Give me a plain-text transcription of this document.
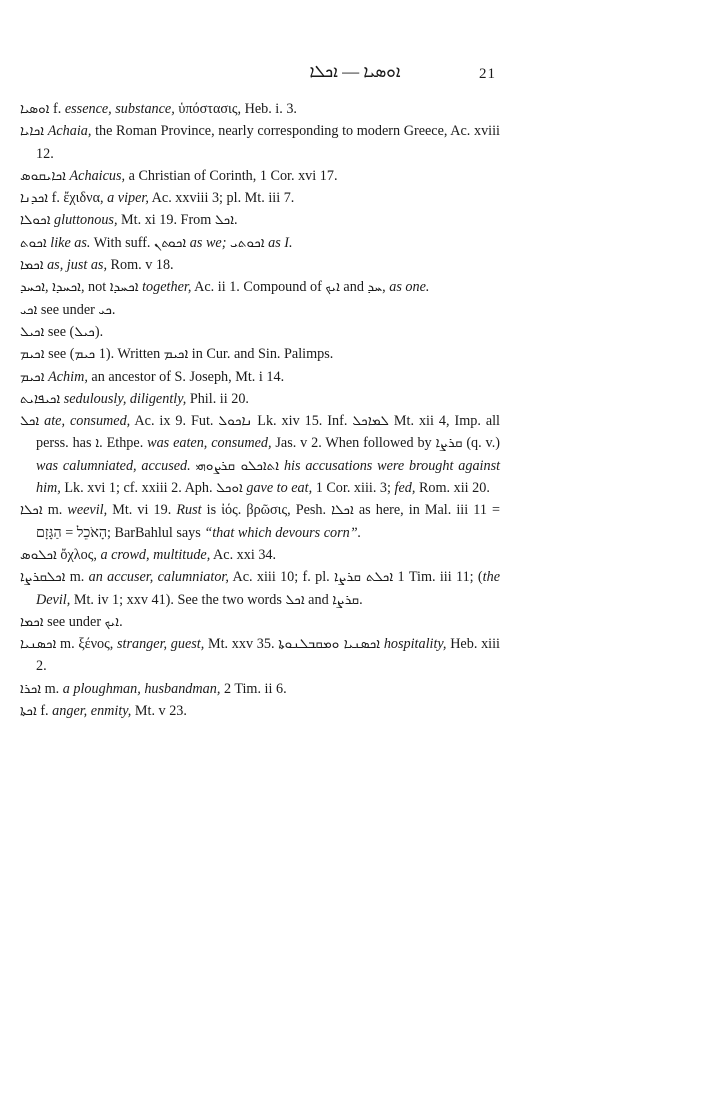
ܐܘܣܝܐ — ܐܟܠܐ	21

ܐܘܣܝܐ f. essence, substance, ὑπόστασις, Heb. i. 3.

ܐܟܐܝܐ Achaia, the Roman Province, nearly corresponding to modern Greece, Ac. xviii 12.

ܐܟܐܝܩܘܣ Achaicus, a Christian of Corinth, 1 Cor. xvi 17.

ܐܟܕܢܐ f. ἔχιδνα, a viper, Ac. xxviii 3; pl. Mt. iii 7.

ܐܟܘܠܐ gluttonous, Mt. xi 19. From ܐܟܠ.

ܐܟܘܬ like as. With suff. ܐܟܘܬܢ as we; ܐܟܘܬܝ as I.

ܐܟܡܐ as, just as, Rom. v 18.

ܐܟܚܕ, ܐܟܚܕܐ, not ܐܟܚܕܐ together, Ac. ii 1. Compound of ܐܝܟ and ܚܕ, as one.

ܐܟܝ see under ܟܝ.

ܐܟܝܠ see (ܟܝܠ).

ܐܟܝܡ see (ܟܝܡ 1). Written ܐܟܝܡ in Cur. and Sin. Palimps.

ܐܟܝܡ Achim, an ancestor of S. Joseph, Mt. i 14.

ܐܟܝܦܐܝܬ sedulously, diligently, Phil. ii 20.

ܐܟܠ ate, consumed, Ac. ix 9. Fut. ܢܐܟܘܠ Lk. xiv 15. Inf. ܠܡܐܟܠ Mt. xii 4, Imp. all perss. has ܐ. Ethpe. was eaten, consumed, Jas. v 2. When followed by ܩܪܨܐ (q. v.) was calumniated, accused. ܐܬܐܟܠܘ ܩܪܨܘܗܝ his accusations were brought against him, Lk. xvi 1; cf. xxiii 2. Aph. ܐܘܟܠ gave to eat, 1 Cor. xiii. 3; fed, Rom. xii 20.

ܐܟܠܐ m. weevil, Mt. vi 19. Rust is ἰός. βρῶσις, Pesh. ܐܟܠܐ as here, in Mal. iii 11 = הָאֹכֵל = הַגָּזָם; BarBahlul says “that which devours corn”.

ܐܟܠܘܣ ὄχλος, a crowd, multitude, Ac. xxi 34.

ܐܟܠܩܪܨܐ m. an accuser, calumniator, Ac. xiii 10; f. pl. ܐܟܠܬ ܩܪܨܐ 1 Tim. iii 11; (the Devil, Mt. iv 1; xxv 41). See the two words ܐܟܠ and ܩܪܨܐ.

ܐܟܡܐ see under ܐܝܟ.

ܐܟܣܢܝܐ m. ξένος, stranger, guest, Mt. xxv 35. ܐܟܣܢܝܐ ܘܡܩܒܠܢܘܬܐ hospitality, Heb. xiii 2.

ܐܟܪܐ m. a ploughman, husbandman, 2 Tim. ii 6.

ܐܟܬܐ f. anger, enmity, Mt. v 23.
